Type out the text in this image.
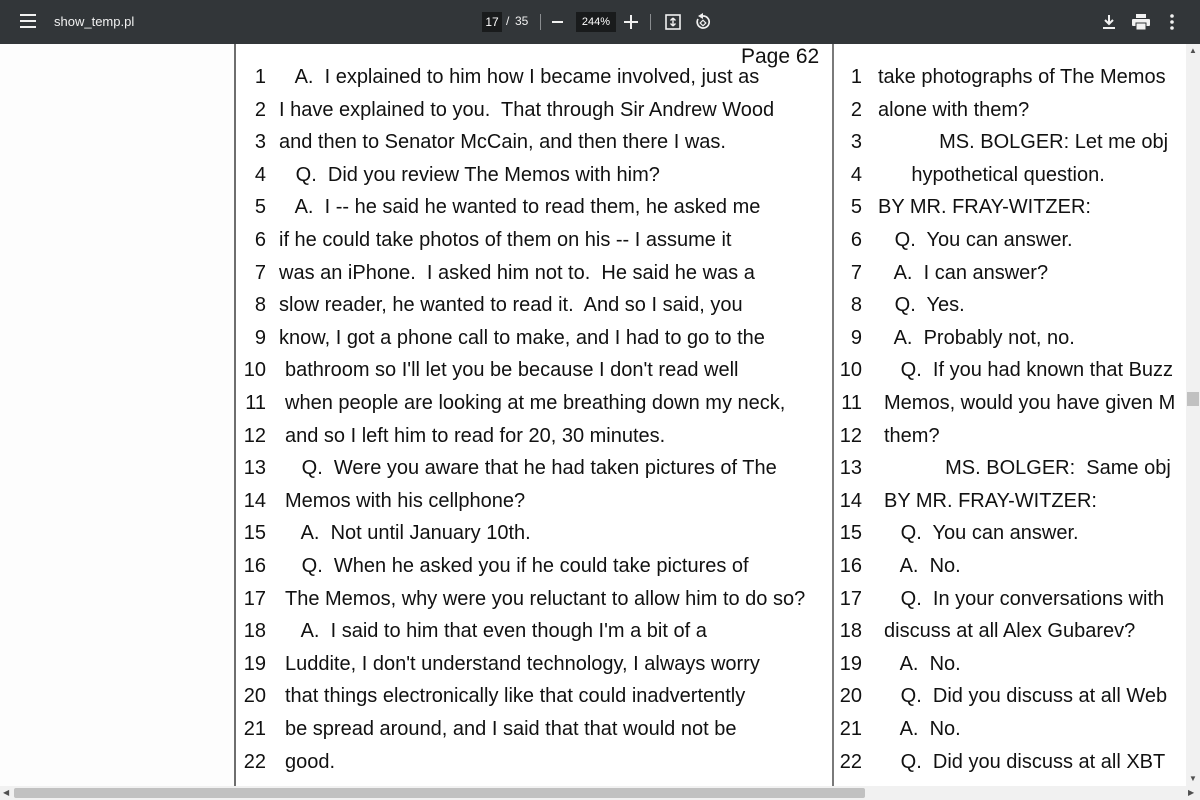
show_temp.pl	17 / 35	244%
Page 62
1 A.  I explained to him how I became involved, just as
2 I have explained to you.  That through Sir Andrew Wood
3 and then to Senator McCain, and then there I was.
4 Q.  Did you review The Memos with him?
5 A.  I -- he said he wanted to read them, he asked me
6 if he could take photos of them on his -- I assume it
7 was an iPhone.  I asked him not to.  He said he was a
8 slow reader, he wanted to read it.  And so I said, you
9 know, I got a phone call to make, and I had to go to the
10 bathroom so I'll let you be because I don't read well
11 when people are looking at me breathing down my neck,
12 and so I left him to read for 20, 30 minutes.
13 Q.  Were you aware that he had taken pictures of The
14 Memos with his cellphone?
15 A.  Not until January 10th.
16 Q.  When he asked you if he could take pictures of
17 The Memos, why were you reluctant to allow him to do so?
18 A.  I said to him that even though I'm a bit of a
19 Luddite, I don't understand technology, I always worry
20 that things electronically like that could inadvertently
21 be spread around, and I said that that would not be
22 good.
1 take photographs of The Memos
2 alone with them?
3 MS. BOLGER: Let me obj
4 hypothetical question.
5 BY MR. FRAY-WITZER:
6 Q.  You can answer.
7 A.  I can answer?
8 Q.  Yes.
9 A.  Probably not, no.
10 Q.  If you had known that Buzz
11 Memos, would you have given M
12 them?
13 MS. BOLGER:  Same obj
14 BY MR. FRAY-WITZER:
15 Q.  You can answer.
16 A.  No.
17 Q.  In your conversations with
18 discuss at all Alex Gubarev?
19 A.  No.
20 Q.  Did you discuss at all Web
21 A.  No.
22 Q.  Did you discuss at all XBT
▲
▼
◀	▶
